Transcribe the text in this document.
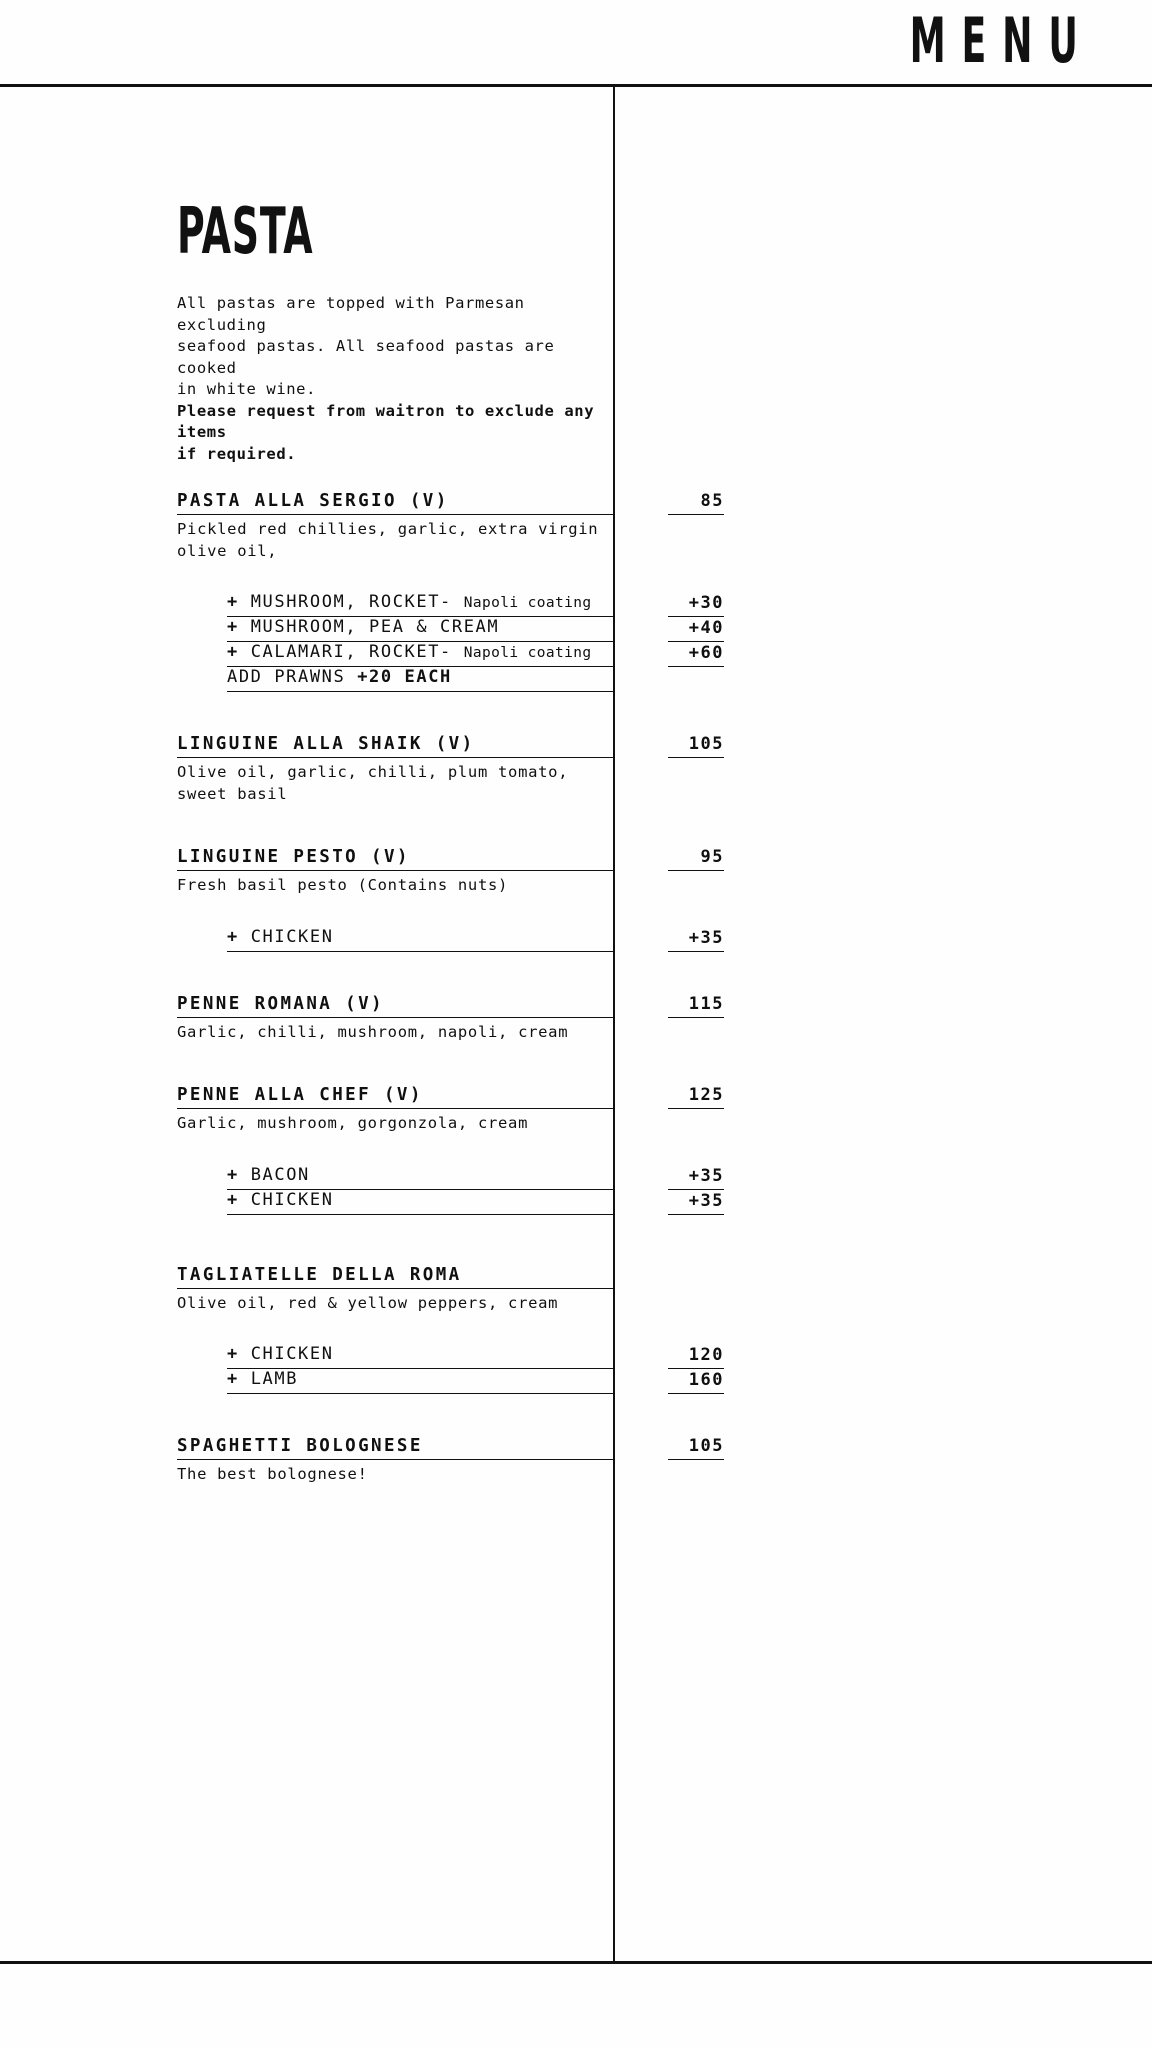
MENU
PASTA
All pastas are topped with Parmesan excluding
seafood pastas. All seafood pastas are cooked
in white wine.
Please request from waitron to exclude any items
if required.
PASTA ALLA SERGIO (V)	85
Pickled red chillies, garlic, extra virgin
olive oil,
+ MUSHROOM, ROCKET- Napoli coating	+30
+ MUSHROOM, PEA & CREAM	+40
+ CALAMARI, ROCKET- Napoli coating	+60
ADD PRAWNS +20 EACH
LINGUINE ALLA SHAIK (V)	105
Olive oil, garlic, chilli, plum tomato,
sweet basil
LINGUINE PESTO (V)	95
Fresh basil pesto (Contains nuts)
+ CHICKEN	+35
PENNE ROMANA (V)	115
Garlic, chilli, mushroom, napoli, cream
PENNE ALLA CHEF (V)	125
Garlic, mushroom, gorgonzola, cream
+ BACON	+35
+ CHICKEN	+35
TAGLIATELLE DELLA ROMA
Olive oil, red & yellow peppers, cream
+ CHICKEN	120
+ LAMB	160
SPAGHETTI BOLOGNESE	105
The best bolognese!
